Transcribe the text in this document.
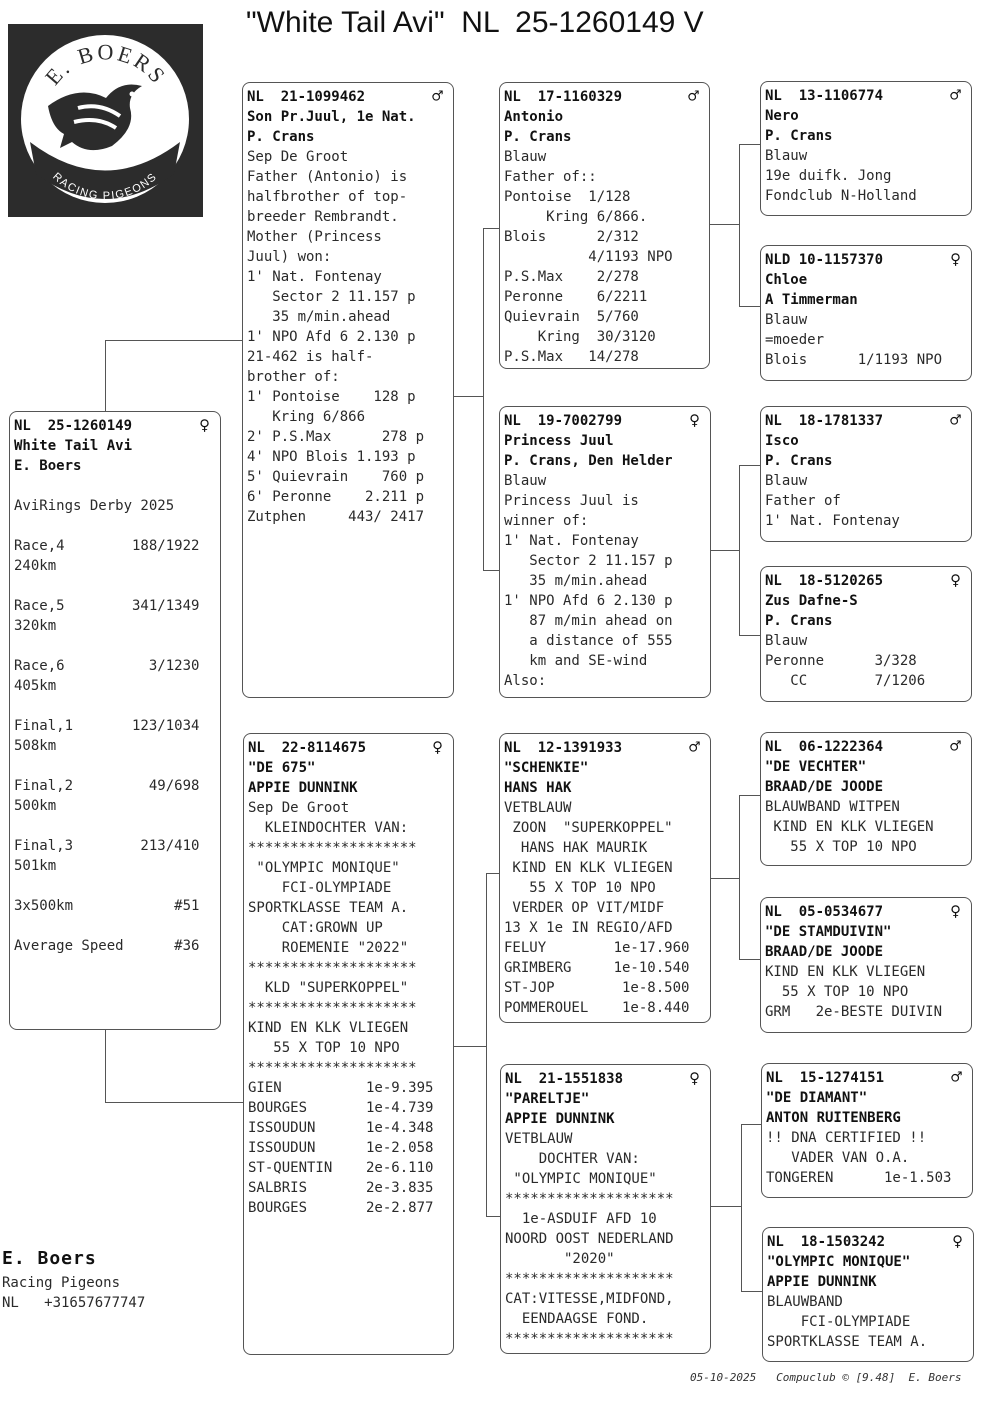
"White Tail Avi"  NL  25-1260149 V
E. BOERS
RACING PIGEONS
NL  25-1260149	♀
White Tail Avi
E. Boers
AviRings Derby 2025
Race,4        188/1922
240km
Race,5        341/1349
320km
Race,6          3/1230
405km
Final,1       123/1034
508km
Final,2         49/698
500km
Final,3        213/410
501km
3x500km            #51
Average Speed      #36
NL  21-1099462	♂
Son Pr.Juul, 1e Nat.
P. Crans
Sep De Groot
Father (Antonio) is
halfbrother of top-
breeder Rembrandt.
Mother (Princess
Juul) won:
1' Nat. Fontenay
Sector 2 11.157 p
35 m/min.ahead
1' NPO Afd 6 2.130 p
21-462 is half-
brother of:
1' Pontoise    128 p
Kring 6/866
2' P.S.Max      278 p
4' NPO Blois 1.193 p
5' Quievrain    760 p
6' Peronne    2.211 p
Zutphen     443/ 2417
NL  22-8114675	♀
"DE 675"
APPIE DUNNINK
Sep De Groot
KLEINDOCHTER VAN:
********************
"OLYMPIC MONIQUE"
FCI-OLYMPIADE
SPORTKLASSE TEAM A.
CAT:GROWN UP
ROEMENIE "2022"
********************
KLD "SUPERKOPPEL"
********************
KIND EN KLK VLIEGEN
55 X TOP 10 NPO
********************
GIEN          1e-9.395
BOURGES       1e-4.739
ISSOUDUN      1e-4.348
ISSOUDUN      1e-2.058
ST-QUENTIN    2e-6.110
SALBRIS       2e-3.835
BOURGES       2e-2.877
NL  17-1160329	♂
Antonio
P. Crans
Blauw
Father of::
Pontoise  1/128
Kring 6/866.
Blois      2/312
4/1193 NPO
P.S.Max    2/278
Peronne    6/2211
Quievrain  5/760
Kring  30/3120
P.S.Max   14/278
NL  19-7002799	♀
Princess Juul
P. Crans, Den Helder
Blauw
Princess Juul is
winner of:
1' Nat. Fontenay
Sector 2 11.157 p
35 m/min.ahead
1' NPO Afd 6 2.130 p
87 m/min ahead on
a distance of 555
km and SE-wind
Also:
NL  12-1391933	♂
"SCHENKIE"
HANS HAK
VETBLAUW
ZOON  "SUPERKOPPEL"
HANS HAK MAURIK
KIND EN KLK VLIEGEN
55 X TOP 10 NPO
VERDER OP VIT/MIDF
13 X 1e IN REGIO/AFD
FELUY        1e-17.960
GRIMBERG     1e-10.540
ST-JOP        1e-8.500
POMMEROUEL    1e-8.440
NL  21-1551838	♀
"PARELTJE"
APPIE DUNNINK
VETBLAUW
DOCHTER VAN:
"OLYMPIC MONIQUE"
********************
1e-ASDUIF AFD 10
NOORD OOST NEDERLAND
"2020"
********************
CAT:VITESSE,MIDFOND,
EENDAAGSE FOND.
********************
NL  13-1106774	♂
Nero
P. Crans
Blauw
19e duifk. Jong
Fondclub N-Holland
NLD 10-1157370	♀
Chloe
A Timmerman
Blauw
=moeder
Blois      1/1193 NPO
NL  18-1781337	♂
Isco
P. Crans
Blauw
Father of
1' Nat. Fontenay
NL  18-5120265	♀
Zus Dafne-S
P. Crans
Blauw
Peronne      3/328
CC        7/1206
NL  06-1222364	♂
"DE VECHTER"
BRAAD/DE JOODE
BLAUWBAND WITPEN
KIND EN KLK VLIEGEN
55 X TOP 10 NPO
NL  05-0534677	♀
"DE STAMDUIVIN"
BRAAD/DE JOODE
KIND EN KLK VLIEGEN
55 X TOP 10 NPO
GRM   2e-BESTE DUIVIN
NL  15-1274151	♂
"DE DIAMANT"
ANTON RUITENBERG
!! DNA CERTIFIED !!
VADER VAN O.A.
TONGEREN      1e-1.503
NL  18-1503242	♀
"OLYMPIC MONIQUE"
APPIE DUNNINK
BLAUWBAND
FCI-OLYMPIADE
SPORTKLASSE TEAM A.
E. Boers
Racing Pigeons
NL   +31657677747
05-10-2025   Compuclub © [9.48]  E. Boers
